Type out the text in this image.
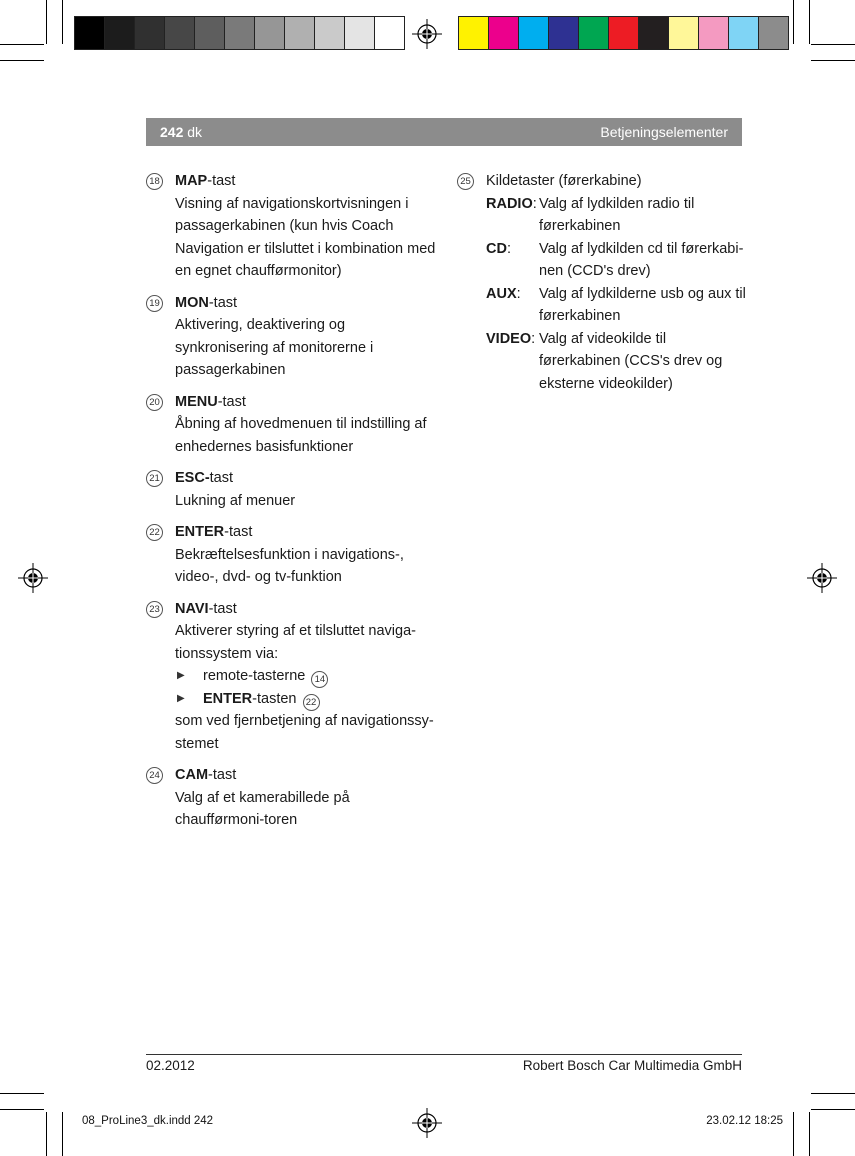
242 dk	Betjeningselementer
18 MAP-tast
Visning af navigationskortvisningen i passagerkabinen (kun hvis Coach Navigation er tilsluttet i kombination med en egnet chaufførmonitor)
19 MON-tast
Aktivering, deaktivering og synkronisering af monitorerne i passagerkabinen
20 MENU-tast
Åbning af hovedmenuen til indstilling af enhedernes basisfunktioner
21 ESC-tast
Lukning af menuer
22 ENTER-tast
Bekræftelsesfunktion i navigations-, video-, dvd- og tv-funktion
23 NAVI-tast
Aktiverer styring af et tilsluttet naviga-tionssystem via:
▶ remote-tasterne 14
▶ ENTER-tasten 22
som ved fjernbetjening af navigationssy-stemet
24 CAM-tast
Valg af et kamerabillede på chaufførmoni-toren
25 Kildetaster (førerkabine)
RADIO: Valg af lydkilden radio til førerkabinen
CD:	Valg af lydkilden cd til førerkabi-nen (CCD's drev)
AUX:	Valg af lydkilderne usb og aux til førerkabinen
VIDEO: Valg af videokilde til førerkabinen (CCS's drev og eksterne videokilder)
02.2012	Robert Bosch Car Multimedia GmbH
08_ProLine3_dk.indd 242	23.02.12 18:25
